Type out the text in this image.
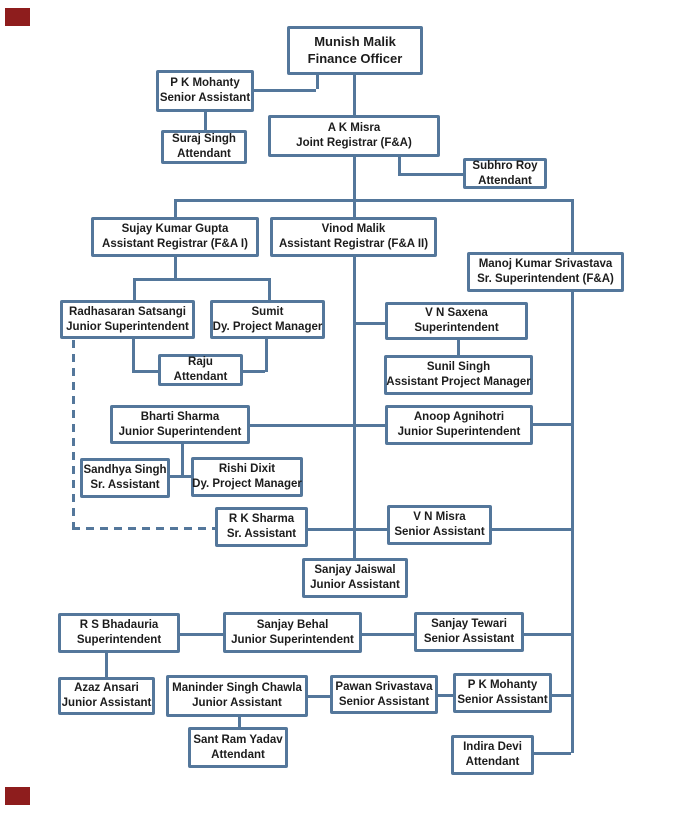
Munish Malik
Finance Officer
P K Mohanty
Senior Assistant
Suraj Singh
Attendant
A K Misra
Joint Registrar (F&A)
Subhro Roy
Attendant
Sujay Kumar Gupta
Assistant Registrar (F&A I)
Vinod Malik
Assistant Registrar (F&A II)
Manoj Kumar Srivastava
Sr. Superintendent (F&A)
Radhasaran Satsangi
Junior Superintendent
Sumit
Dy. Project Manager
Raju
Attendant
V N Saxena
Superintendent
Sunil Singh
Assistant Project Manager
Bharti Sharma
Junior Superintendent
Anoop Agnihotri
Junior Superintendent
Sandhya Singh
Sr. Assistant
Rishi Dixit
Dy. Project Manager
R K Sharma
Sr. Assistant
V N Misra
Senior Assistant
Sanjay Jaiswal
Junior Assistant
R S Bhadauria
Superintendent
Sanjay Behal
Junior Superintendent
Sanjay Tewari
Senior Assistant
Azaz Ansari
Junior Assistant
Maninder Singh Chawla
Junior Assistant
Pawan Srivastava
Senior Assistant
P K Mohanty
Senior Assistant
Sant Ram Yadav
Attendant
Indira Devi
Attendant
